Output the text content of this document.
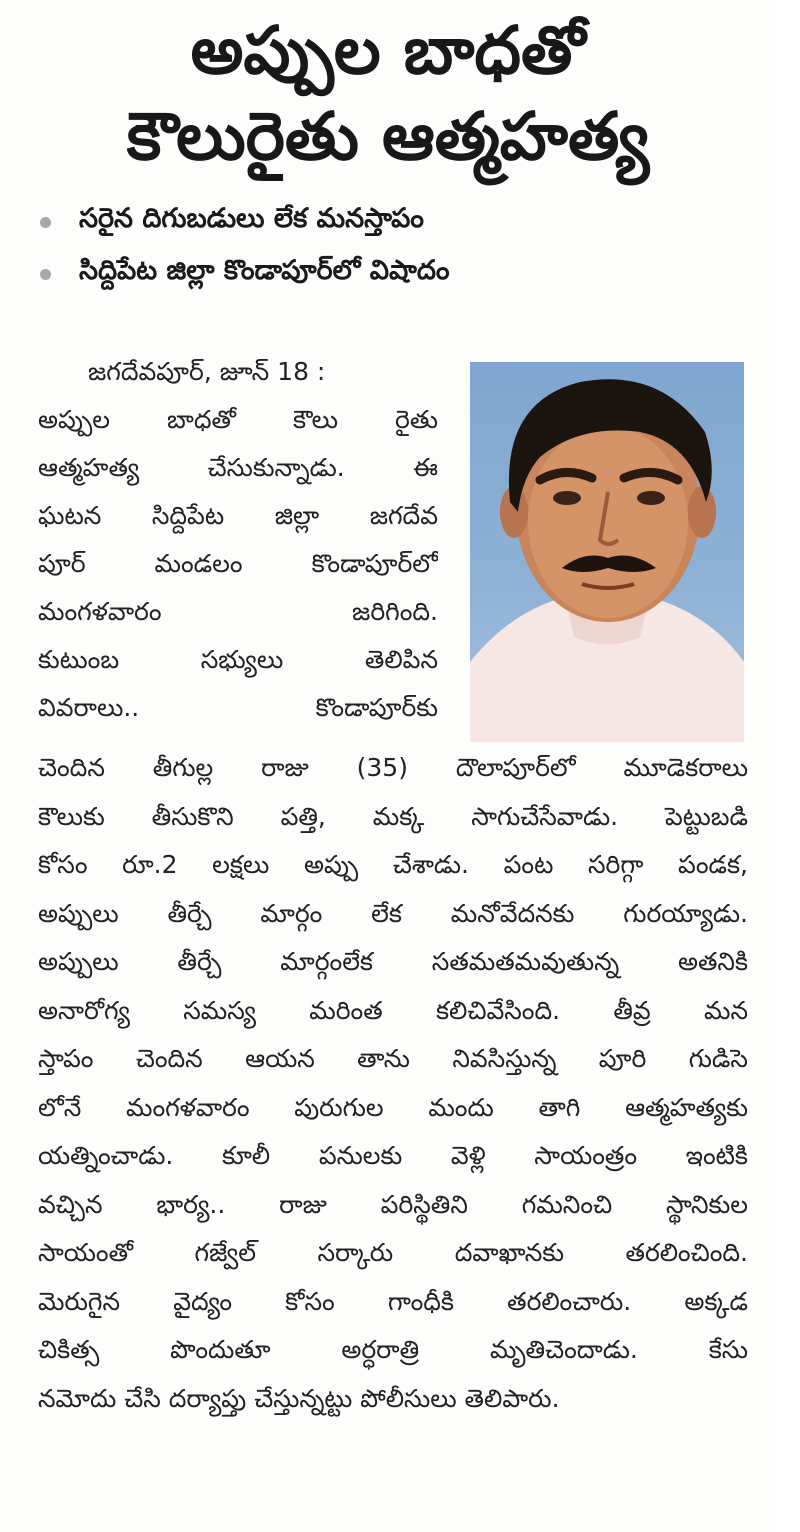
అప్పుల బాధతో
కౌలురైతు ఆత్మహత్య
సరైన దిగుబడులు లేక మనస్తాపం
సిద్దిపేట జిల్లా కొండాపూర్‌లో విషాదం
జగదేవపూర్, జూన్ 18 :
అప్పుల బాధతో కౌలు రైతు
ఆత్మహత్య చేసుకున్నాడు. ఈ
ఘటన సిద్దిపేట జిల్లా జగదేవ
పూర్ మండలం కొండాపూర్‌లో
మంగళవారం జరిగింది.
కుటుంబ సభ్యులు తెలిపిన
వివరాలు.. కొండాపూర్‌కు
చెందిన తీగుల్ల రాజు (35) దౌలాపూర్‌లో మూడెకరాలు
కౌలుకు తీసుకొని పత్తి, మక్క సాగుచేసేవాడు. పెట్టుబడి
కోసం రూ.2 లక్షలు అప్పు చేశాడు. పంట సరిగ్గా పండక,
అప్పులు తీర్చే మార్గం లేక మనోవేదనకు గురయ్యాడు.
అప్పులు తీర్చే మార్గంలేక సతమతమవుతున్న అతనికి
అనారోగ్య సమస్య మరింత కలిచివేసింది. తీవ్ర మన
స్తాపం చెందిన ఆయన తాను నివసిస్తున్న పూరి గుడిసె
లోనే మంగళవారం పురుగుల మందు తాగి ఆత్మహత్యకు
యత్నించాడు. కూలీ పనులకు వెళ్లి సాయంత్రం ఇంటికి
వచ్చిన భార్య.. రాజు పరిస్థితిని గమనించి స్థానికుల
సాయంతో గజ్వేల్ సర్కారు దవాఖానకు తరలించింది.
మెరుగైన వైద్యం కోసం గాంధీకి తరలించారు. అక్కడ
చికిత్స పొందుతూ అర్ధరాత్రి మృతిచెందాడు. కేసు
నమోదు చేసి దర్యాప్తు చేస్తున్నట్టు పోలీసులు తెలిపారు.
